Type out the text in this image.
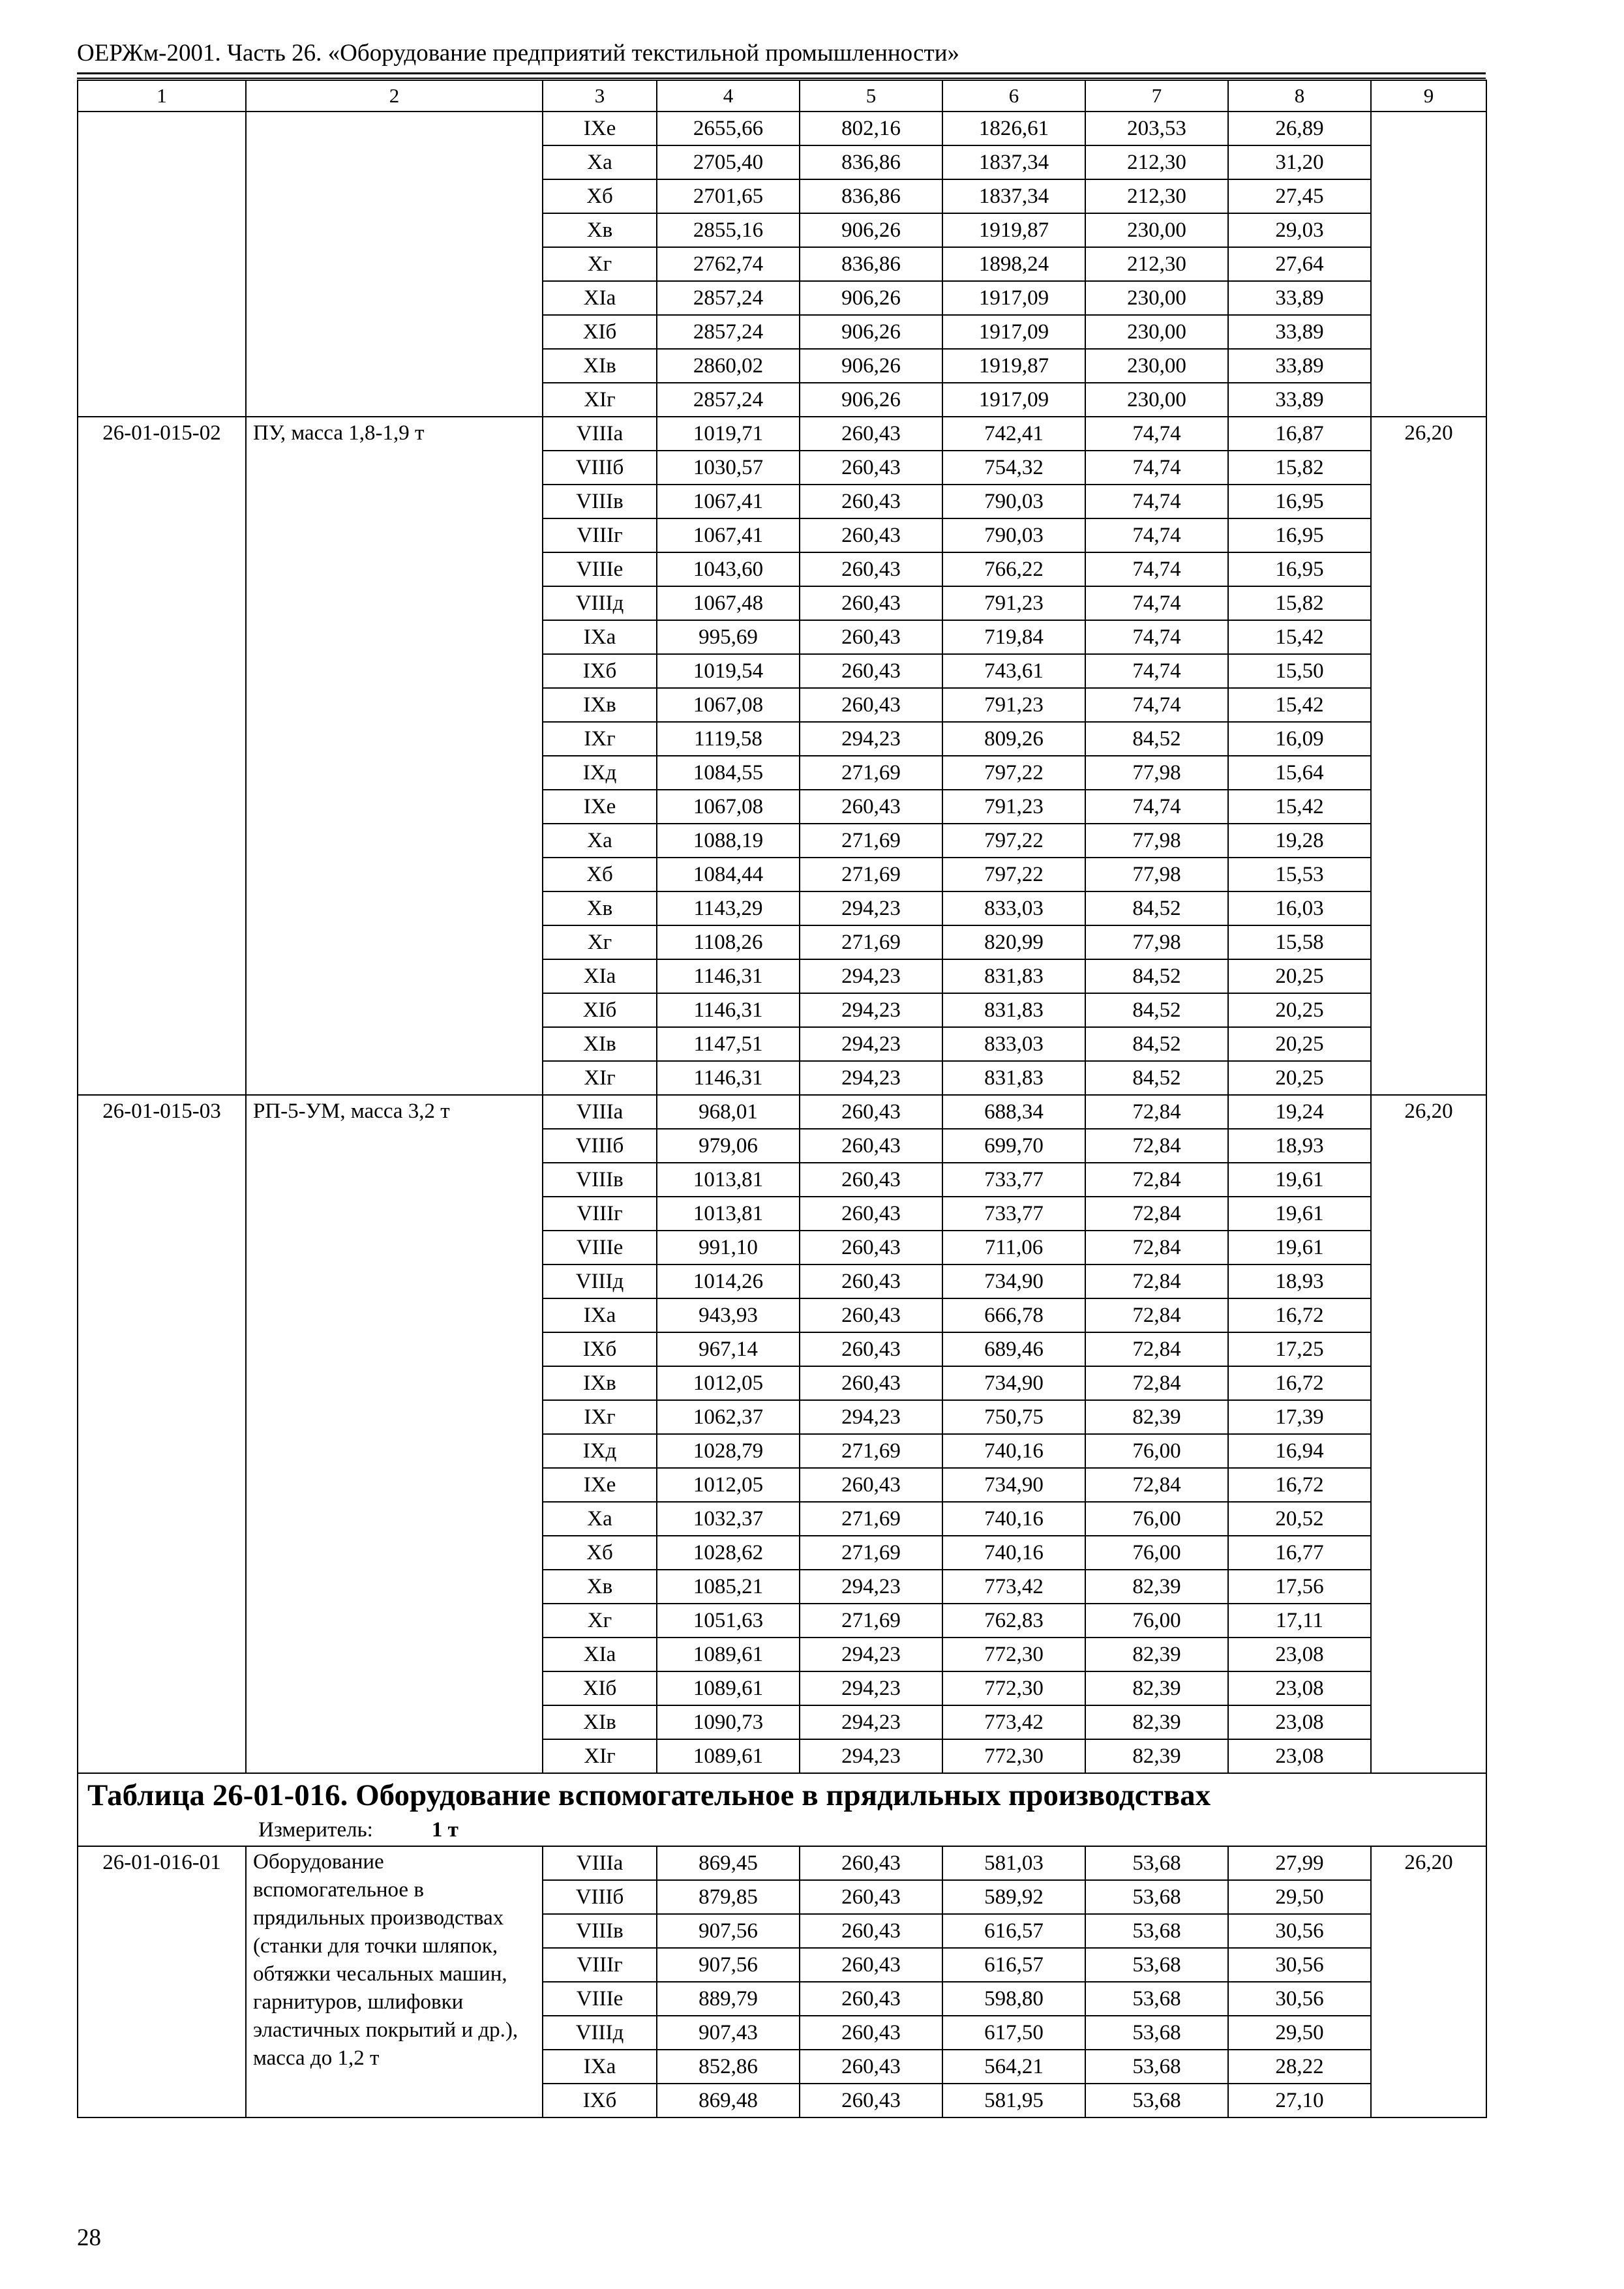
ОЕРЖм-2001. Часть 26. «Оборудование предприятий текстильной промышленности»
1	2	3	4	5	6	7	8	9
		IXе	2655,66	802,16	1826,61	203,53	26,89	
		Xа	2705,40	836,86	1837,34	212,30	31,20	
		Xб	2701,65	836,86	1837,34	212,30	27,45	
		Xв	2855,16	906,26	1919,87	230,00	29,03	
		Xг	2762,74	836,86	1898,24	212,30	27,64	
		XIа	2857,24	906,26	1917,09	230,00	33,89	
		XIб	2857,24	906,26	1917,09	230,00	33,89	
		XIв	2860,02	906,26	1919,87	230,00	33,89	
		XIг	2857,24	906,26	1917,09	230,00	33,89	
26-01-015-02	ПУ, масса 1,8-1,9 т	VIIIа	1019,71	260,43	742,41	74,74	16,87	26,20
		VIIIб	1030,57	260,43	754,32	74,74	15,82	
		VIIIв	1067,41	260,43	790,03	74,74	16,95	
		VIIIг	1067,41	260,43	790,03	74,74	16,95	
		VIIIе	1043,60	260,43	766,22	74,74	16,95	
		VIIIд	1067,48	260,43	791,23	74,74	15,82	
		IXа	995,69	260,43	719,84	74,74	15,42	
		IXб	1019,54	260,43	743,61	74,74	15,50	
		IXв	1067,08	260,43	791,23	74,74	15,42	
		IXг	1119,58	294,23	809,26	84,52	16,09	
		IXд	1084,55	271,69	797,22	77,98	15,64	
		IXе	1067,08	260,43	791,23	74,74	15,42	
		Xа	1088,19	271,69	797,22	77,98	19,28	
		Xб	1084,44	271,69	797,22	77,98	15,53	
		Xв	1143,29	294,23	833,03	84,52	16,03	
		Xг	1108,26	271,69	820,99	77,98	15,58	
		XIа	1146,31	294,23	831,83	84,52	20,25	
		XIб	1146,31	294,23	831,83	84,52	20,25	
		XIв	1147,51	294,23	833,03	84,52	20,25	
		XIг	1146,31	294,23	831,83	84,52	20,25	
26-01-015-03	РП-5-УМ, масса 3,2 т	VIIIа	968,01	260,43	688,34	72,84	19,24	26,20
		VIIIб	979,06	260,43	699,70	72,84	18,93	
		VIIIв	1013,81	260,43	733,77	72,84	19,61	
		VIIIг	1013,81	260,43	733,77	72,84	19,61	
		VIIIе	991,10	260,43	711,06	72,84	19,61	
		VIIIд	1014,26	260,43	734,90	72,84	18,93	
		IXа	943,93	260,43	666,78	72,84	16,72	
		IXб	967,14	260,43	689,46	72,84	17,25	
		IXв	1012,05	260,43	734,90	72,84	16,72	
		IXг	1062,37	294,23	750,75	82,39	17,39	
		IXд	1028,79	271,69	740,16	76,00	16,94	
		IXе	1012,05	260,43	734,90	72,84	16,72	
		Xа	1032,37	271,69	740,16	76,00	20,52	
		Xб	1028,62	271,69	740,16	76,00	16,77	
		Xв	1085,21	294,23	773,42	82,39	17,56	
		Xг	1051,63	271,69	762,83	76,00	17,11	
		XIа	1089,61	294,23	772,30	82,39	23,08	
		XIб	1089,61	294,23	772,30	82,39	23,08	
		XIв	1090,73	294,23	773,42	82,39	23,08	
		XIг	1089,61	294,23	772,30	82,39	23,08	

Таблица 26-01-016. Оборудование вспомогательное в прядильных производствах
Измеритель: 1 т								

26-01-016-01	Оборудование вспомогательное в прядильных производствах (станки для точки шляпок, обтяжки чесальных машин, гарнитуров, шлифовки эластичных покрытий и др.), масса до 1,2 т	VIIIа	869,45	260,43	581,03	53,68	27,99	26,20
		VIIIб	879,85	260,43	589,92	53,68	29,50	
		VIIIв	907,56	260,43	616,57	53,68	30,56	
		VIIIг	907,56	260,43	616,57	53,68	30,56	
		VIIIе	889,79	260,43	598,80	53,68	30,56	
		VIIIд	907,43	260,43	617,50	53,68	29,50	
		IXа	852,86	260,43	564,21	53,68	28,22	
		IXб	869,48	260,43	581,95	53,68	27,10	
28
